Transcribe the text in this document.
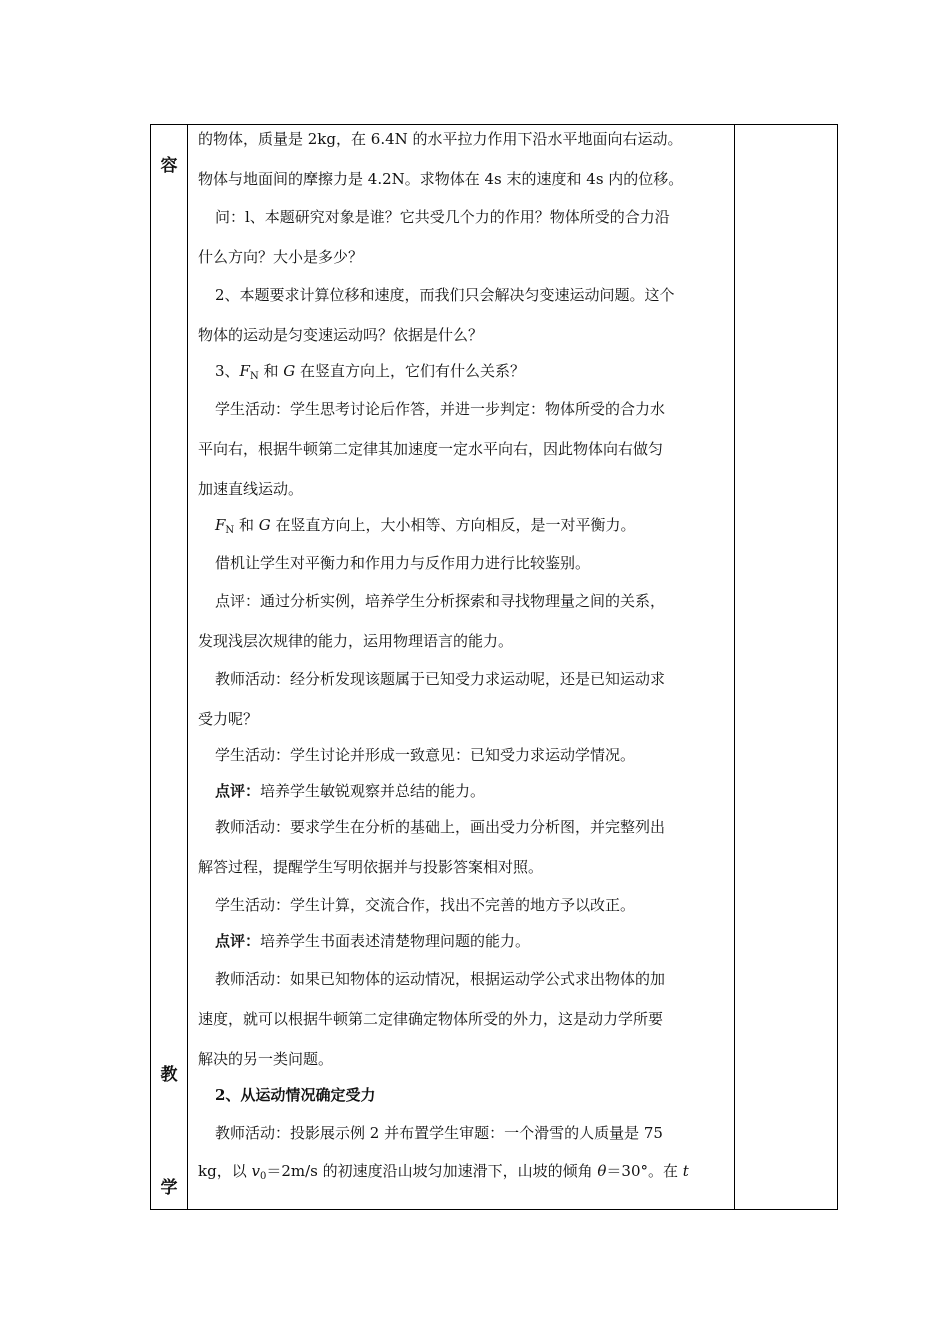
容
教
学
的物体，质量是 2kg，在 6.4N 的水平拉力作用下沿水平地面向右运动。
物体与地面间的摩擦力是 4.2N。求物体在 4s 末的速度和 4s 内的位移。
问：l、本题研究对象是谁？它共受几个力的作用？物体所受的合力沿
什么方向？大小是多少？
2、本题要求计算位移和速度，而我们只会解决匀变速运动问题。这个
物体的运动是匀变速运动吗？依据是什么？
3、$F_N$ 和 G 在竖直方向上，它们有什么关系？
学生活动：学生思考讨论后作答，并进一步判定：物体所受的合力水
平向右，根据牛顿第二定律其加速度一定水平向右，因此物体向右做匀
加速直线运动。
$F_N$ 和 G 在竖直方向上，大小相等、方向相反，是一对平衡力。
借机让学生对平衡力和作用力与反作用力进行比较鉴别。
点评：通过分析实例，培养学生分析探索和寻找物理量之间的关系，
发现浅层次规律的能力，运用物理语言的能力。
教师活动：经分析发现该题属于已知受力求运动呢，还是已知运动求
受力呢？
学生活动：学生讨论并形成一致意见：已知受力求运动学情况。
点评：培养学生敏锐观察并总结的能力。
教师活动：要求学生在分析的基础上，画出受力分析图，并完整列出
解答过程，提醒学生写明依据并与投影答案相对照。
学生活动：学生计算，交流合作，找出不完善的地方予以改正。
点评：培养学生书面表述清楚物理问题的能力。
教师活动：如果已知物体的运动情况，根据运动学公式求出物体的加
速度，就可以根据牛顿第二定律确定物体所受的外力，这是动力学所要
解决的另一类问题。
2、从运动情况确定受力
教师活动：投影展示例 2 并布置学生审题：一个滑雪的人质量是 75
kg，以 $v_0=2m/s$ 的初速度沿山坡匀加速滑下，山坡的倾角 θ＝30°。在 t
